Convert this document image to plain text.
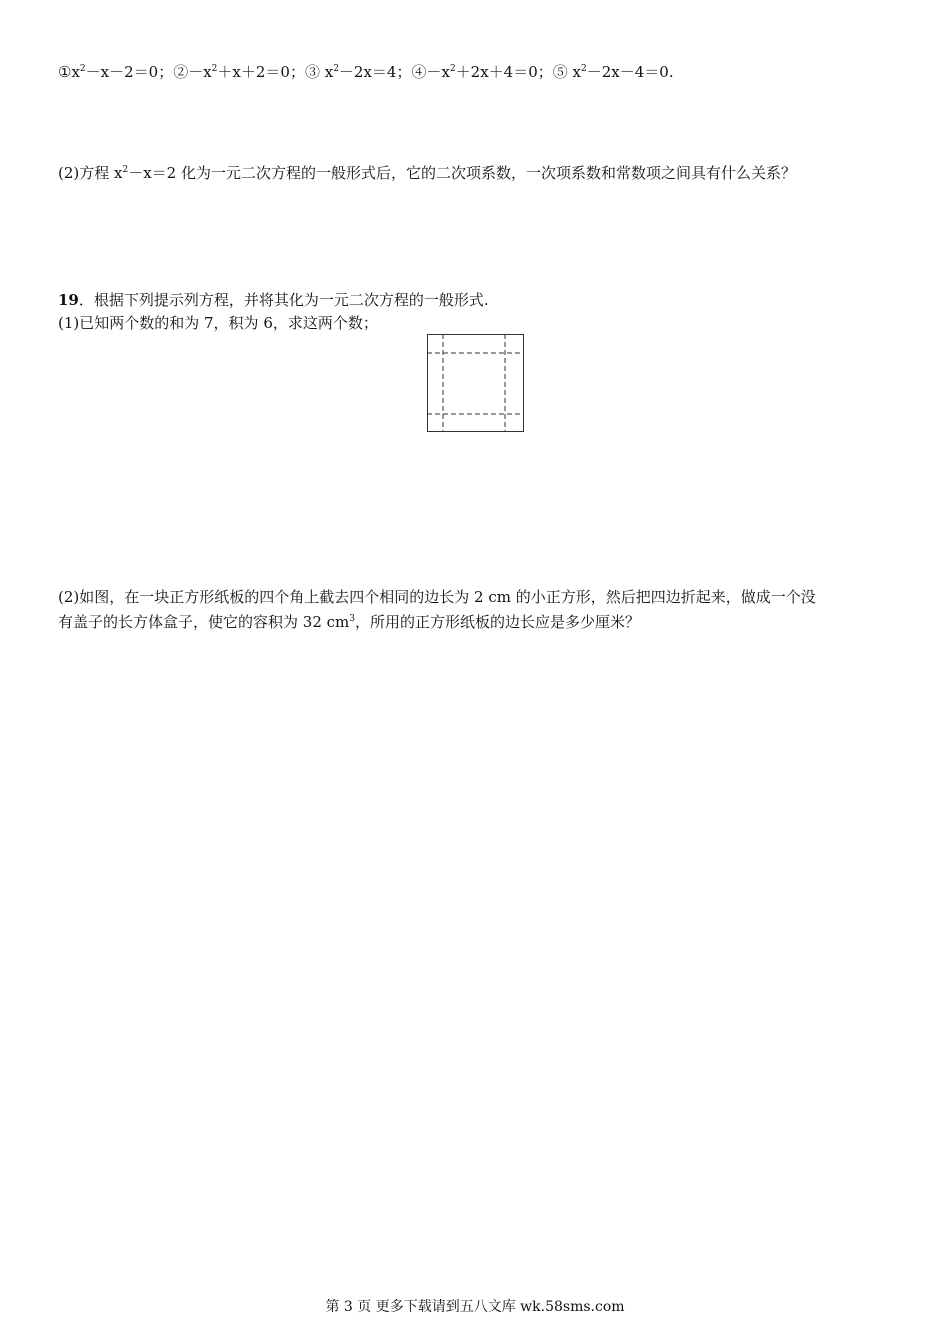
$①x^2-x-2=0$；$②-x^2+x+2=0$；③ $x^2-2x=4$；$④-x^2+2x+4=0$；⑤ $x^2-2x-4=0$.
(2)方程 $x^2-x=2$ 化为一元二次方程的一般形式后，它的二次项系数，一次项系数和常数项之间具有什么关系？
19．根据下列提示列方程，并将其化为一元二次方程的一般形式.
(1)已知两个数的和为 7，积为 6，求这两个数；
(2)如图，在一块正方形纸板的四个角上截去四个相同的边长为 2 cm 的小正方形，然后把四边折起来，做成一个没
有盖子的长方体盒子，使它的容积为 32 $cm^3$，所用的正方形纸板的边长应是多少厘米？
第 3 页 更多下载请到五八文库 wk.58sms.com
